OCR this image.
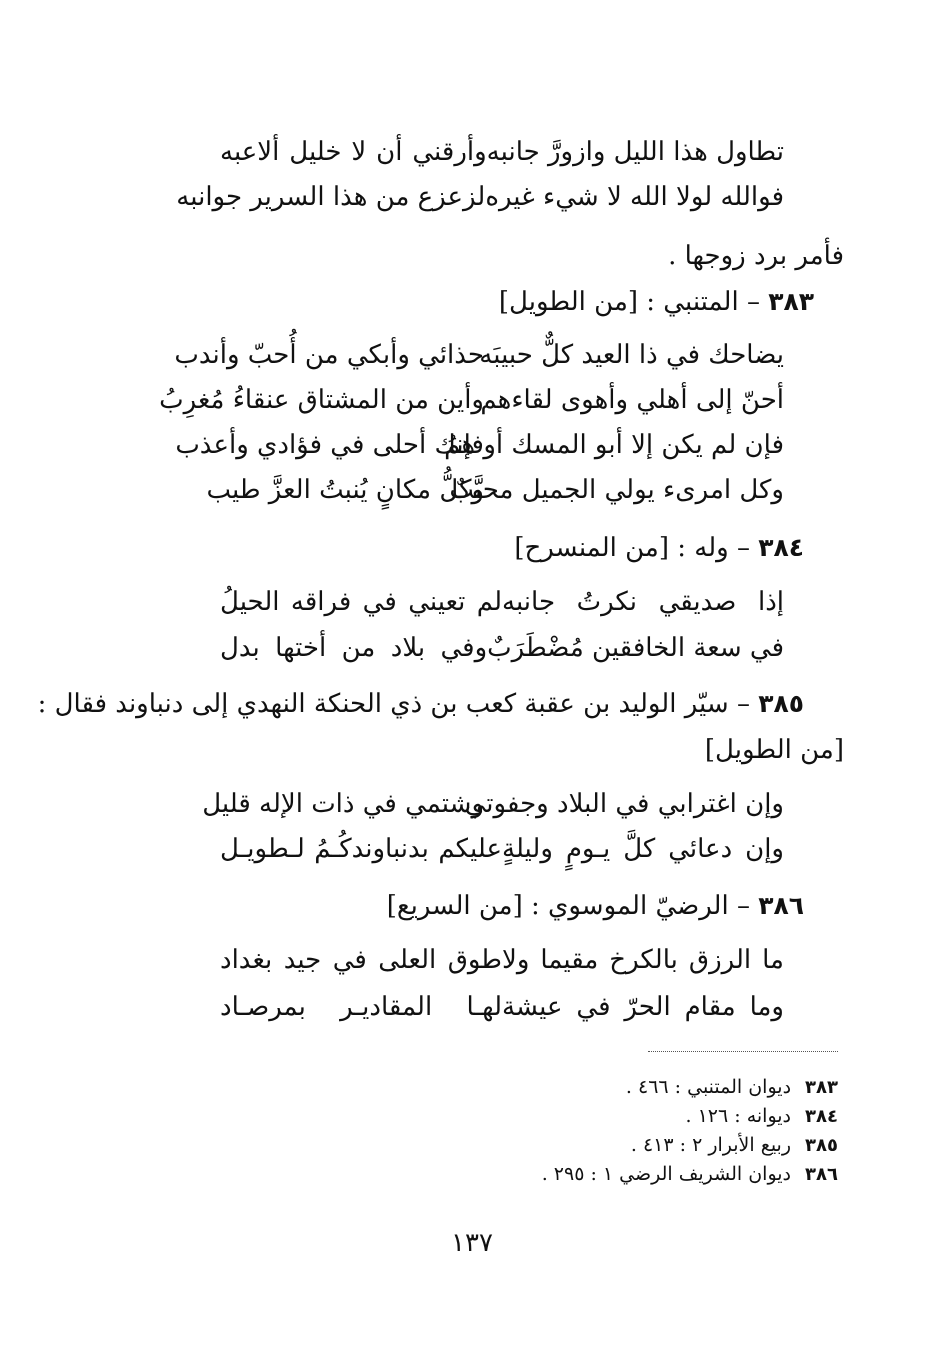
تطاول هذا الليل وازورَّ جانبه
وأرقني أن لا خليل ألاعبه
فوالله لولا الله لا شيء غيره
لزعزع من هذا السرير جوانبه
فأمر برد زوجها .
٣٨٣ – المتنبي : [من الطويل]
يضاحك في ذا العيد كلٌّ حبيبَه
حذائي وأبكي من أُحبّ وأندب
أحنّ إلى أهلي وأهوى لقاءهم
وأين من المشتاق عنقاءُ مُغرِبُ
فإن لم يكن إلا أبو المسك أو همُ
فإنك أحلى في فؤادي وأعذب
وكل امرىء يولي الجميل محبَّبٌ
وكلُّ مكانٍ يُنبتُ العزَّ طيب
٣٨٤ – وله : [من المنسرح]
إذا صديقي نكرتُ جانبه
لم تعيني في فراقه الحيلُ
في سعة الخافقين مُضْطَرَبٌ
وفي بلاد من أختها بدل
٣٨٥ – سيّر الوليد بن عقبة كعب بن ذي الحنكة النهدي إلى دنباوند فقال :
[من الطويل]
وإن اغترابي في البلاد وجفوتي
وشتمي في ذات الإله قليل
وإن دعائي كلَّ يـومٍ وليلةٍ
عليكم بدنباوندكُـمُ لـطويـل
٣٨٦ – الرضيّ الموسوي : [من السريع]
ما الرزق بالكرخ مقيما ولا
طوق العلى في جيد بغداد
وما مقام الحرّ في عيشة
لهـا المقاديـر بمرصـاد
٣٨٣ديوان المتنبي : ٤٦٦ .
٣٨٤ديوانه : ١٢٦ .
٣٨٥ربيع الأبرار ٢ : ٤١٣ .
٣٨٦ديوان الشريف الرضي ١ : ٢٩٥ .
١٣٧
